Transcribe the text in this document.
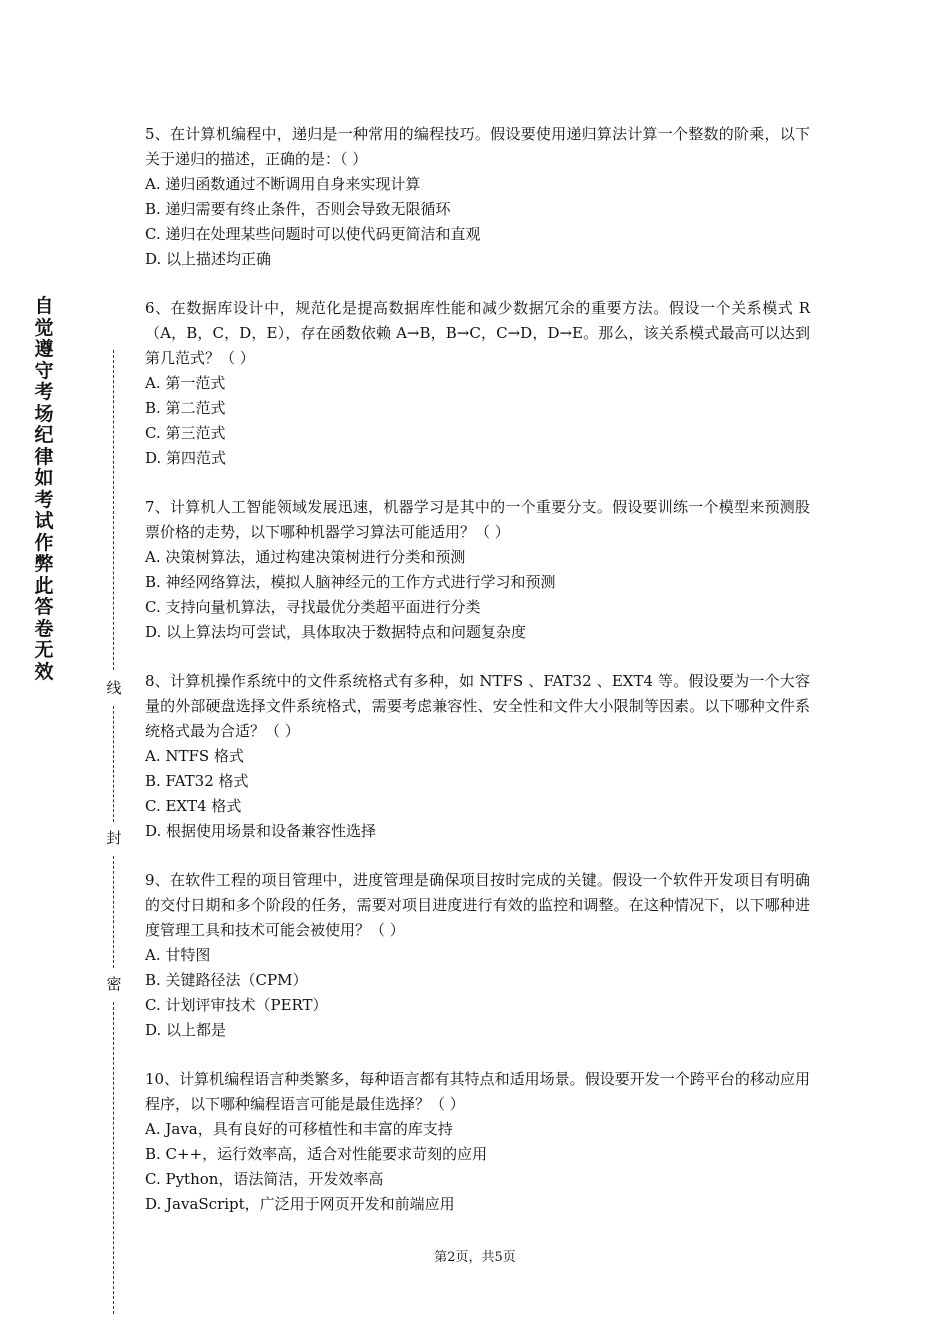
自觉遵守考场纪律如考试作弊此答卷无效
线
封
密

5、在计算机编程中，递归是一种常用的编程技巧。假设要使用递归算法计算一个整数的阶乘，以下关于递归的描述，正确的是：（ ）

A. 递归函数通过不断调用自身来实现计算

B. 递归需要有终止条件，否则会导致无限循环

C. 递归在处理某些问题时可以使代码更简洁和直观

D. 以上描述均正确

6、在数据库设计中，规范化是提高数据库性能和减少数据冗余的重要方法。假设一个关系模式 R（A，B，C，D，E），存在函数依赖 A→B，B→C，C→D，D→E。那么，该关系模式最高可以达到第几范式？（ ）

A. 第一范式

B. 第二范式

C. 第三范式

D. 第四范式

7、计算机人工智能领域发展迅速，机器学习是其中的一个重要分支。假设要训练一个模型来预测股票价格的走势，以下哪种机器学习算法可能适用？（ ）

A. 决策树算法，通过构建决策树进行分类和预测

B. 神经网络算法，模拟人脑神经元的工作方式进行学习和预测

C. 支持向量机算法，寻找最优分类超平面进行分类

D. 以上算法均可尝试，具体取决于数据特点和问题复杂度

8、计算机操作系统中的文件系统格式有多种，如 NTFS 、FAT32 、EXT4 等。假设要为一个大容量的外部硬盘选择文件系统格式，需要考虑兼容性、安全性和文件大小限制等因素。以下哪种文件系统格式最为合适？（ ）

A. NTFS 格式

B. FAT32 格式

C. EXT4 格式

D. 根据使用场景和设备兼容性选择

9、在软件工程的项目管理中，进度管理是确保项目按时完成的关键。假设一个软件开发项目有明确的交付日期和多个阶段的任务，需要对项目进度进行有效的监控和调整。在这种情况下，以下哪种进度管理工具和技术可能会被使用？（ ）

A. 甘特图

B. 关键路径法（CPM）

C. 计划评审技术（PERT）

D. 以上都是

10、计算机编程语言种类繁多，每种语言都有其特点和适用场景。假设要开发一个跨平台的移动应用程序，以下哪种编程语言可能是最佳选择？（ ）

A. Java，具有良好的可移植性和丰富的库支持

B. C++，运行效率高，适合对性能要求苛刻的应用

C. Python，语法简洁，开发效率高

D. JavaScript，广泛用于网页开发和前端应用

第2页，共5页
